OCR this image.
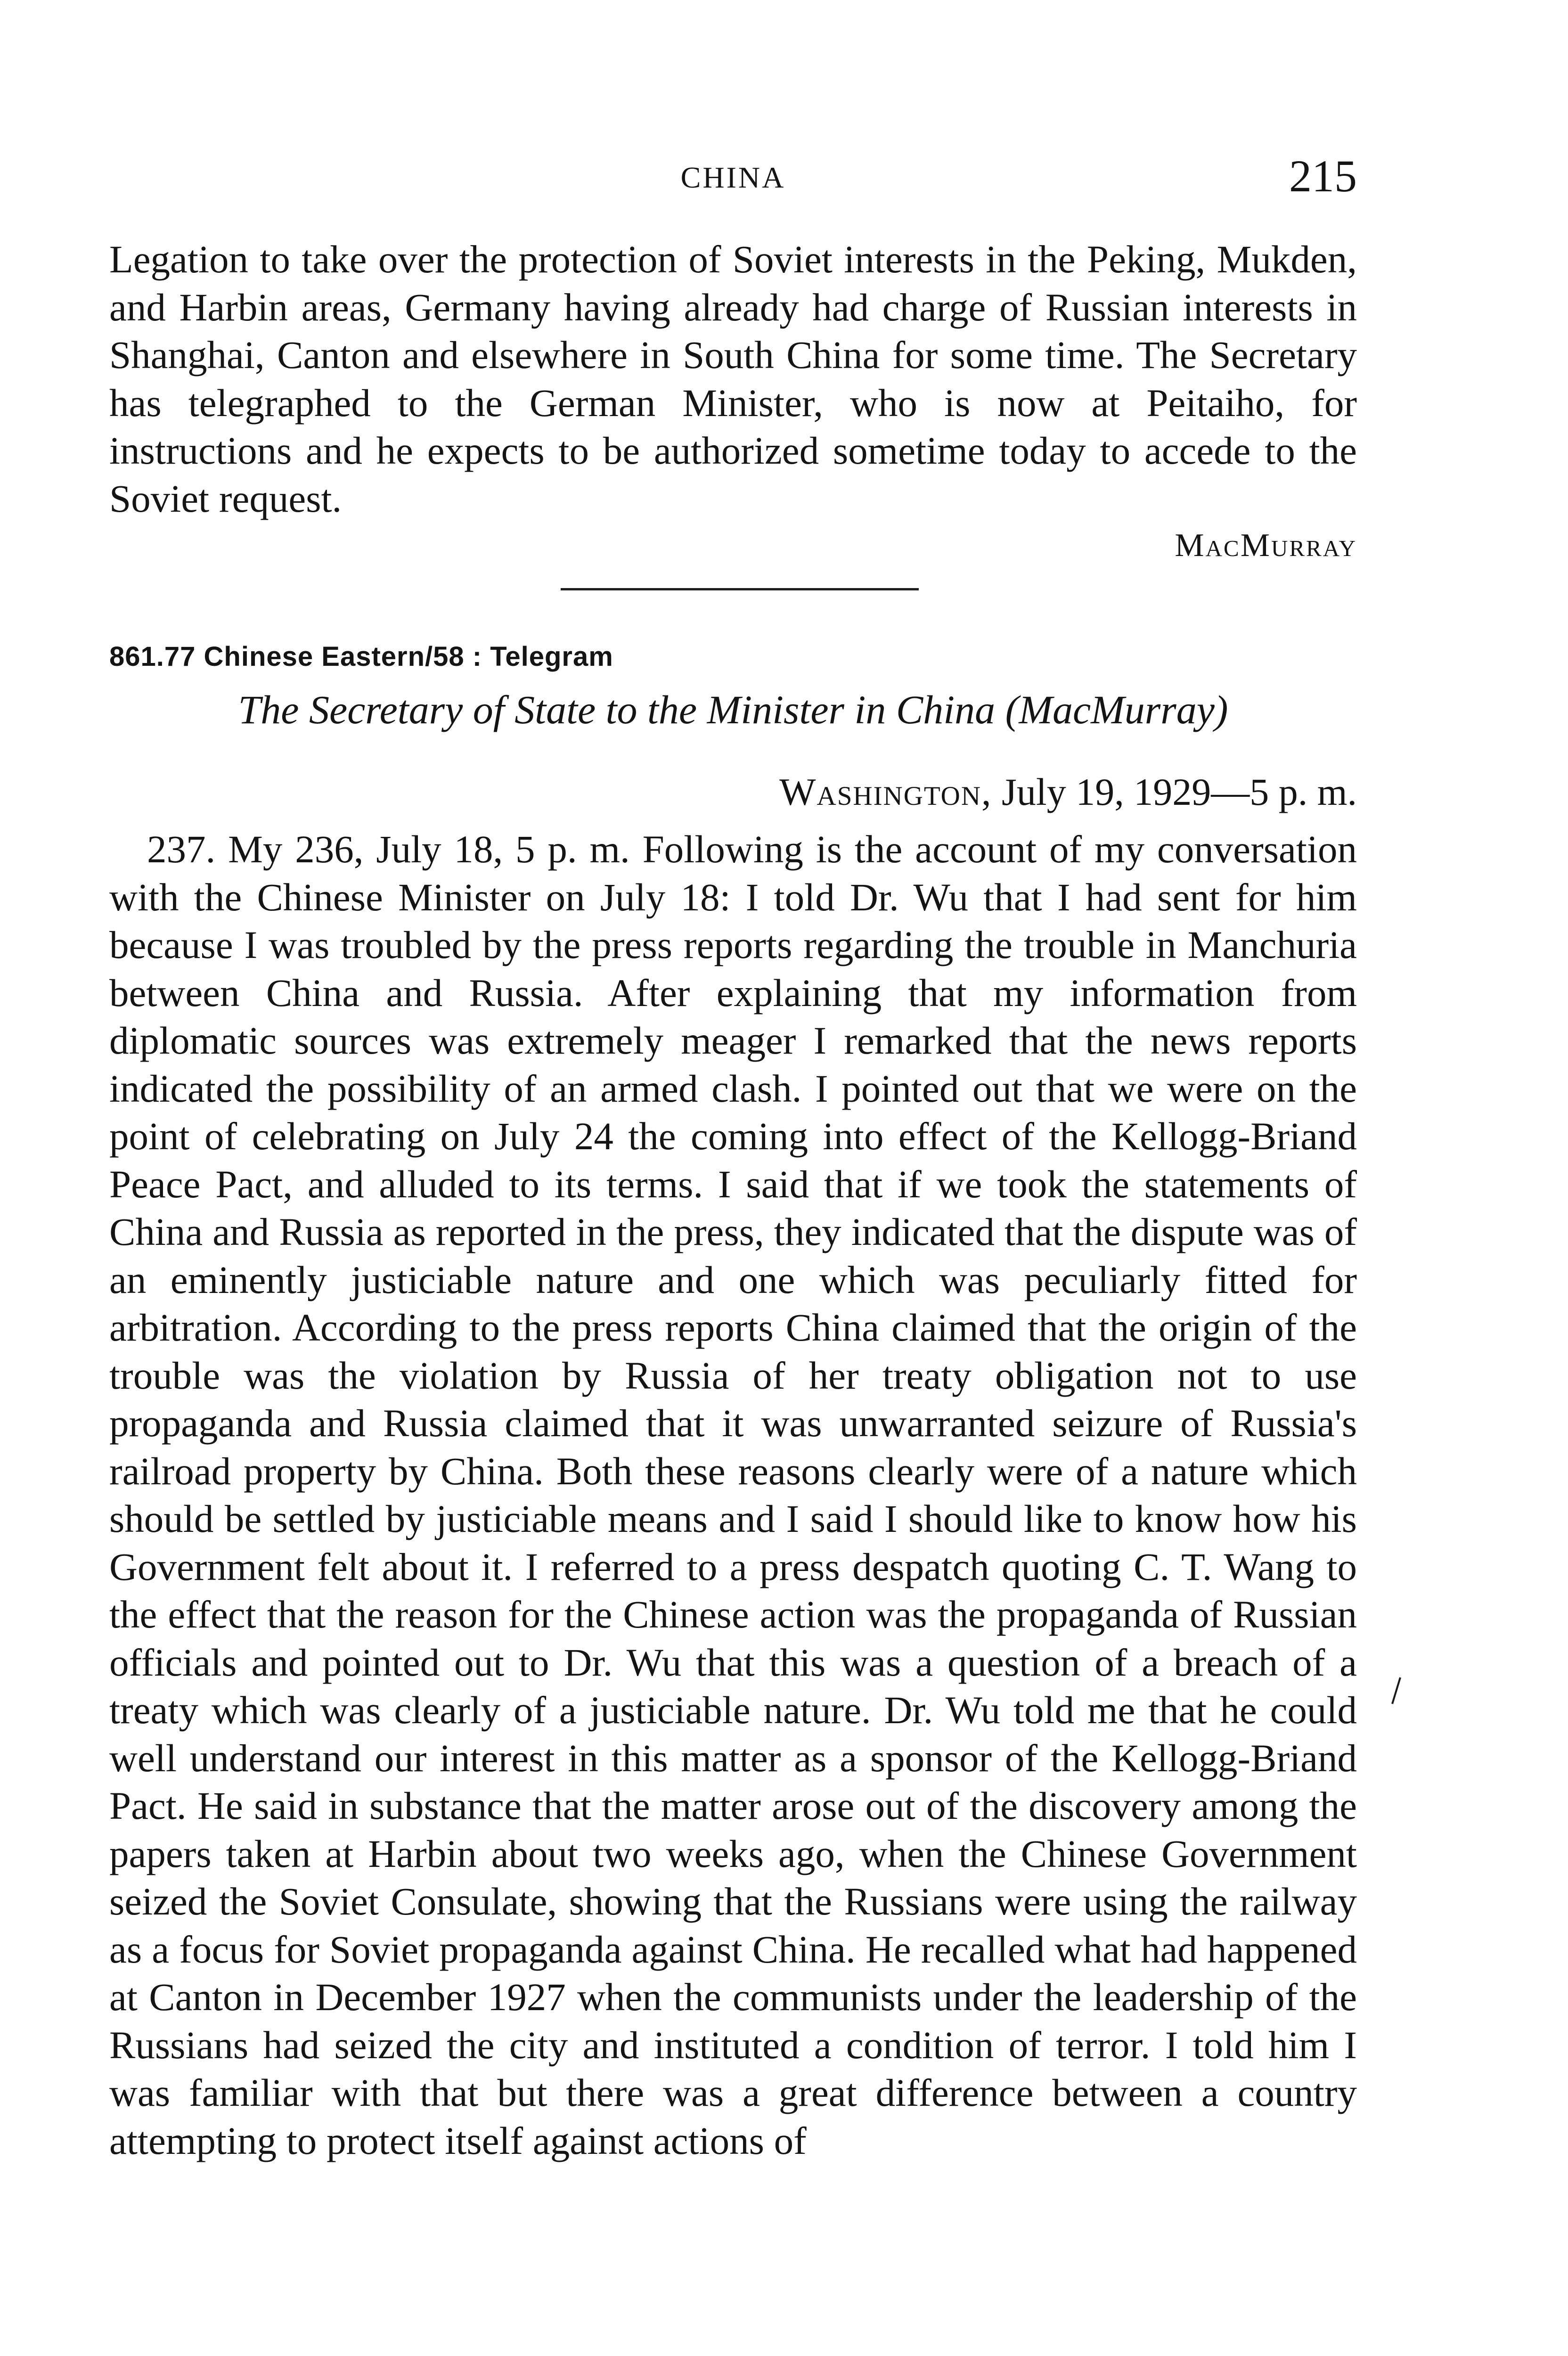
CHINA	215

Legation to take over the protection of Soviet interests in the Peking, Mukden, and Harbin areas, Germany having already had charge of Russian interests in Shanghai, Canton and elsewhere in South China for some time. The Secretary has telegraphed to the German Minister, who is now at Peitaiho, for instructions and he expects to be authorized sometime today to accede to the Soviet request.

MacMurray
861.77 Chinese Eastern/58 : Telegram
The Secretary of State to the Minister in China (MacMurray)
Washington, July 19, 1929—5 p. m.

237. My 236, July 18, 5 p. m. Following is the account of my conversation with the Chinese Minister on July 18: I told Dr. Wu that I had sent for him because I was troubled by the press reports regarding the trouble in Manchuria between China and Russia. After explaining that my information from diplomatic sources was extremely meager I remarked that the news reports indicated the possibility of an armed clash. I pointed out that we were on the point of celebrating on July 24 the coming into effect of the Kellogg-Briand Peace Pact, and alluded to its terms. I said that if we took the statements of China and Russia as reported in the press, they indicated that the dispute was of an eminently justiciable nature and one which was peculiarly fitted for arbitration. According to the press reports China claimed that the origin of the trouble was the violation by Russia of her treaty obligation not to use propaganda and Russia claimed that it was unwarranted seizure of Russia's railroad property by China. Both these reasons clearly were of a nature which should be settled by justiciable means and I said I should like to know how his Government felt about it. I referred to a press despatch quoting C. T. Wang to the effect that the reason for the Chinese action was the propaganda of Russian officials and pointed out to Dr. Wu that this was a question of a breach of a treaty which was clearly of a justiciable nature. Dr. Wu told me that he could well understand our interest in this matter as a sponsor of the Kellogg-Briand Pact. He said in substance that the matter arose out of the discovery among the papers taken at Harbin about two weeks ago, when the Chinese Government seized the Soviet Consulate, showing that the Russians were using the railway as a focus for Soviet propaganda against China. He recalled what had happened at Canton in December 1927 when the communists under the leadership of the Russians had seized the city and instituted a condition of terror. I told him I was familiar with that but there was a great difference between a country attempting to protect itself against actions of
